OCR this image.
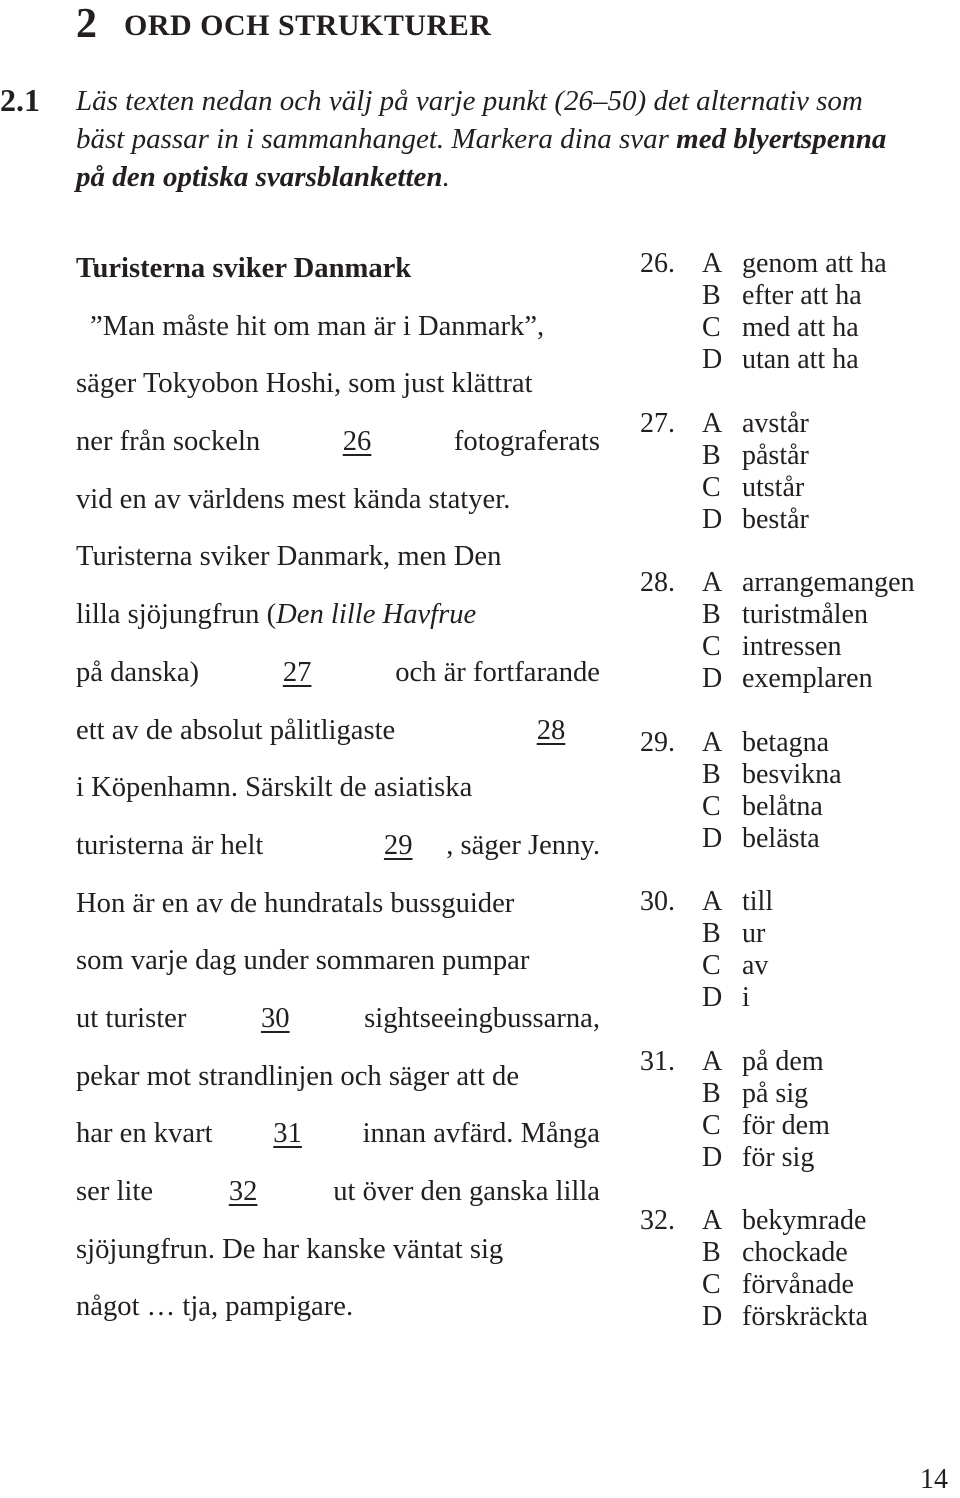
2 ORD OCH STRUKTURER
2.1 Läs texten nedan och välj på varje punkt (26–50) det alternativ som

bäst passar in i sammanhanget. Markera dina svar med blyertspenna

på den optiska svarsblanketten.

Turisterna sviker Danmark
”Man måste hit om man är i Danmark”,
säger Tokyobon Hoshi, som just klättrat
ner från sockeln	26	fotograferats
vid en av världens mest kända statyer.
Turisterna sviker Danmark, men Den
lilla sjöjungfrun (Den lille Havfrue
på danska)	27	och är fortfarande
ett av de absolut pålitligaste	28
i Köpenhamn. Särskilt de asiatiska
turisterna är helt	29 , säger Jenny.
Hon är en av de hundratals bussguider
som varje dag under sommaren pumpar
ut turister	30	sightseeingbussarna,
pekar mot strandlinjen och säger att de
har en kvart	31	innan avfärd. Många
ser lite	32	ut över den ganska lilla
sjöjungfrun. De har kanske väntat sig
något … tja, pampigare.
26. A genom att ha
B efter att ha
C med att ha
D utan att ha
27. A avstår
B påstår
C utstår
D består
28. A arrangemangen
B turistmålen
C intressen
D exemplaren
29. A betagna
B besvikna
C belåtna
D belästa
30. A till
B ur
C av
D i
31. A på dem
B på sig
C för dem
D för sig
32. A bekymrade
B chockade
C förvånade
D förskräckta
14
